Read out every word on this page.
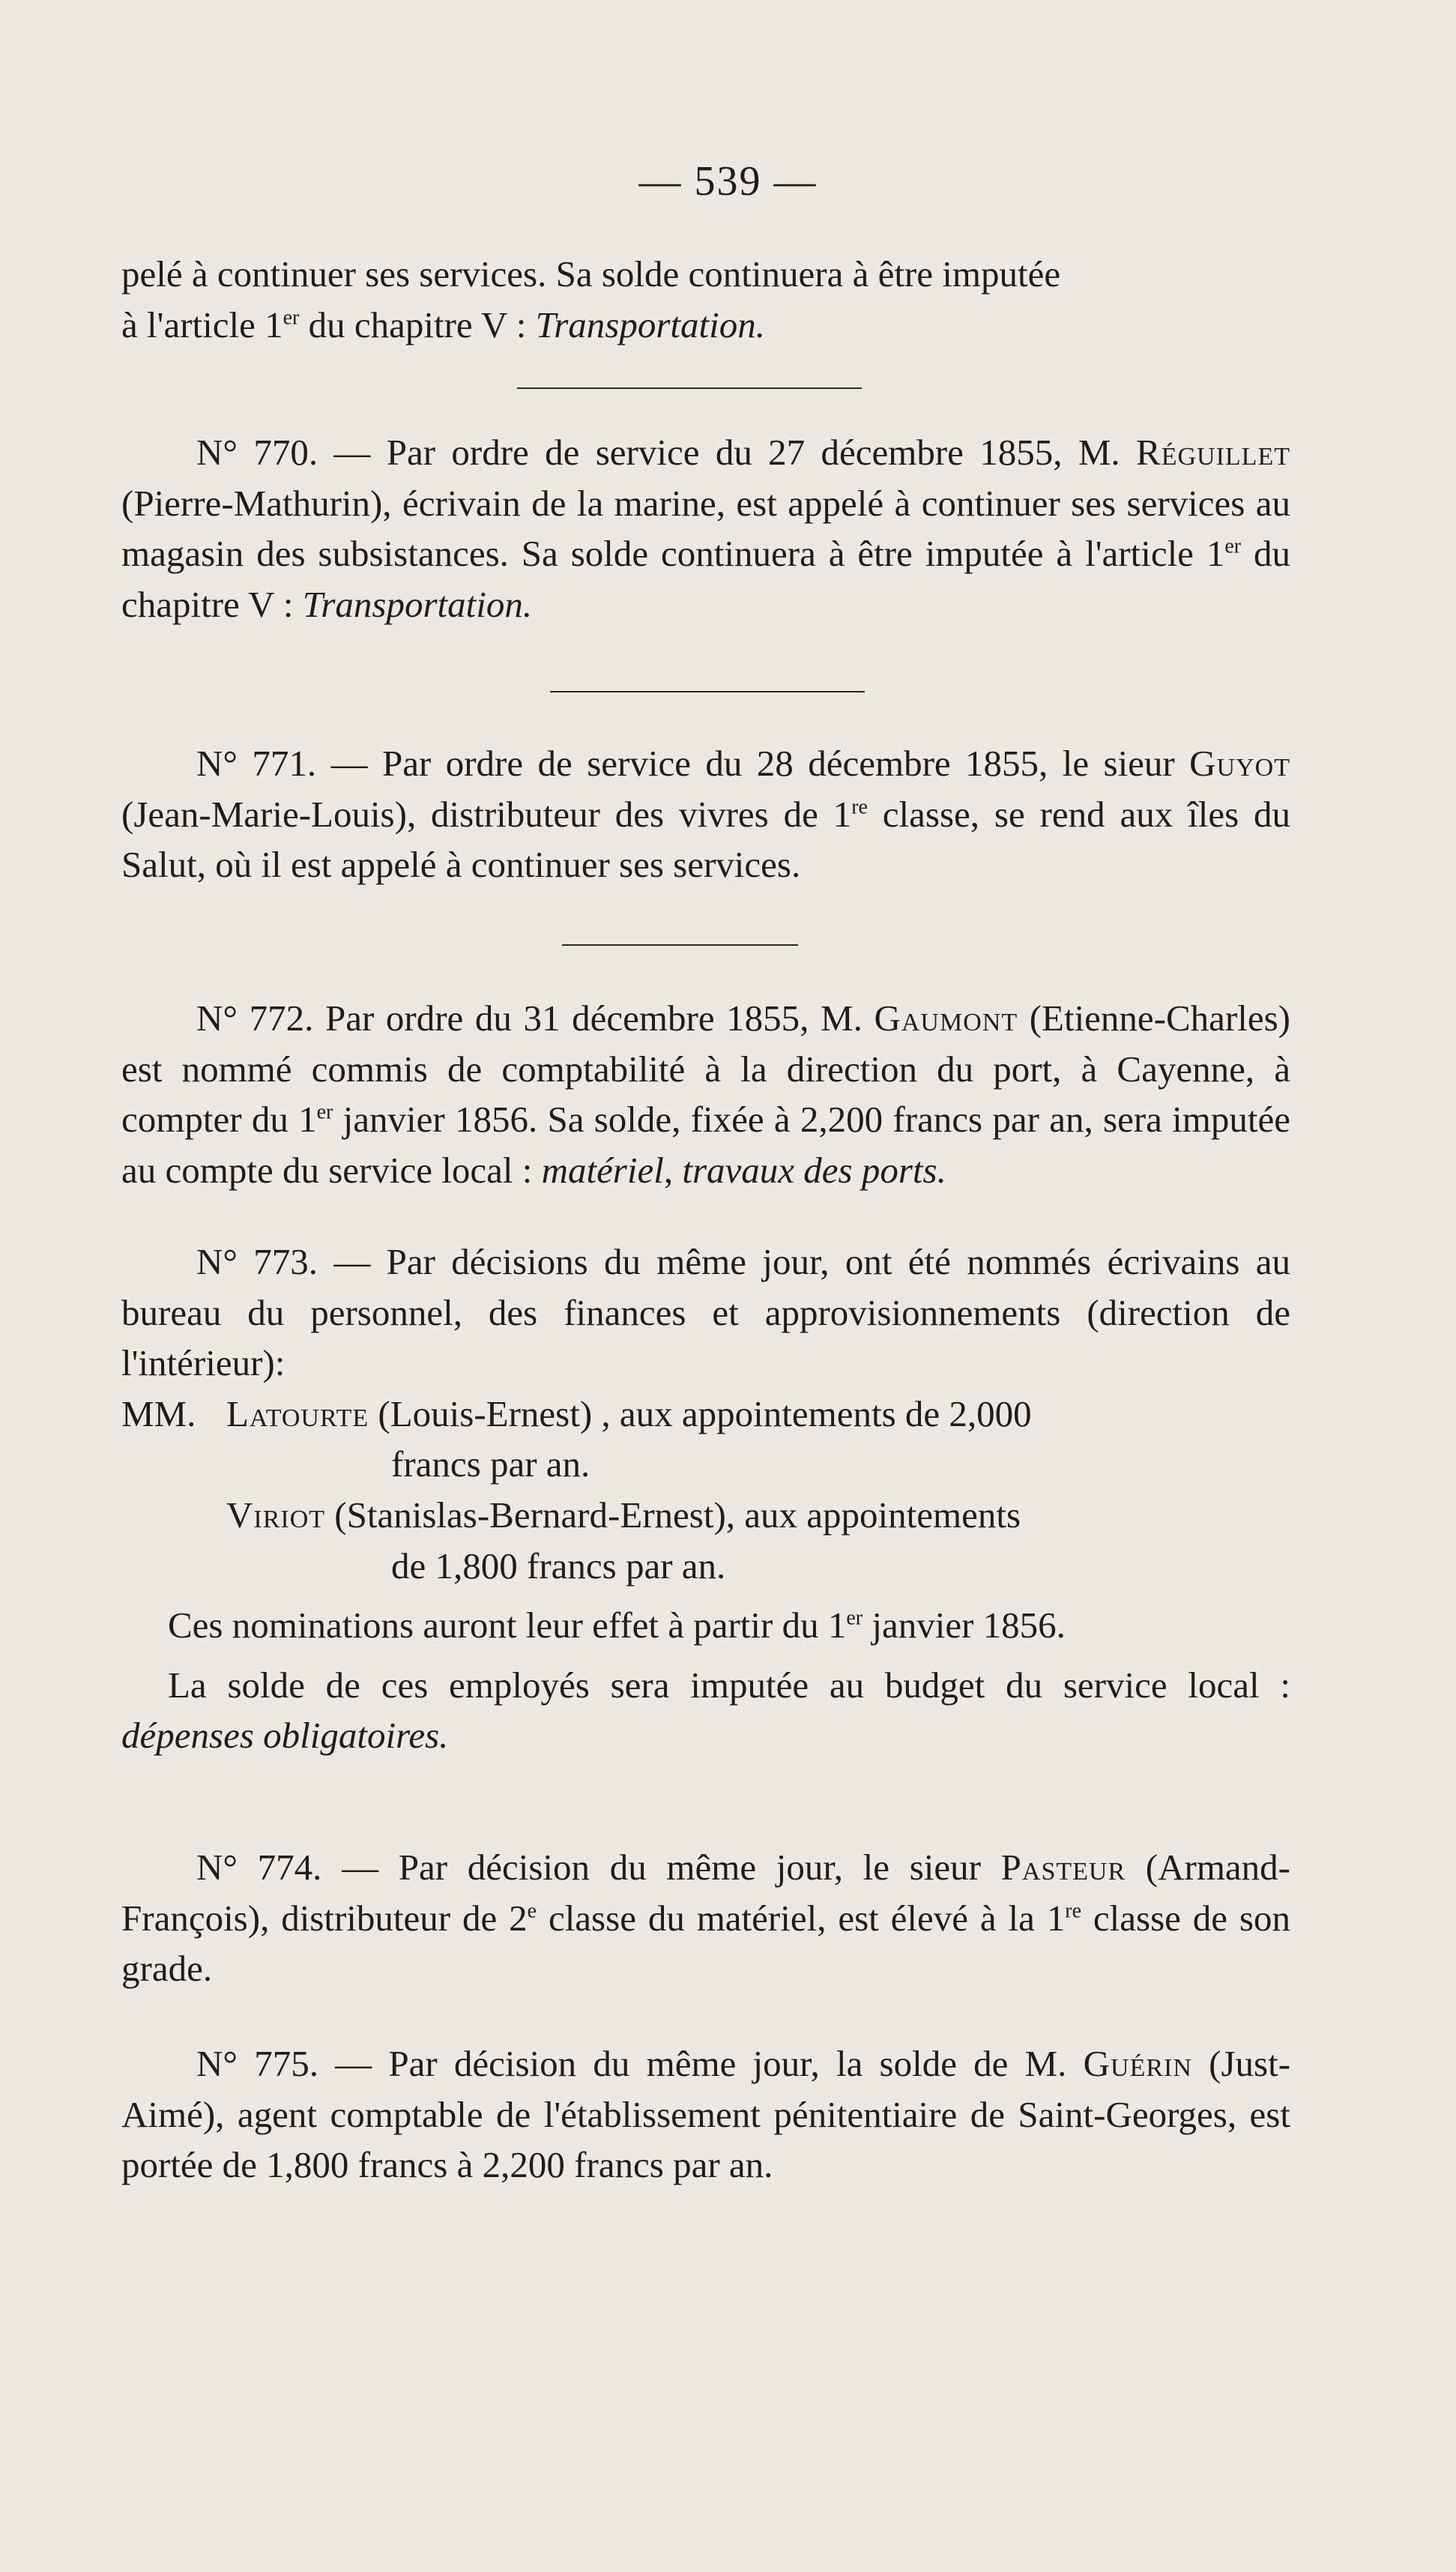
— 539 —

pelé à continuer ses services. Sa solde continuera à être imputée
à l'article 1er du chapitre V : Transportation.

N° 770. — Par ordre de service du 27 décembre 1855, M. Réguillet (Pierre-Mathurin), écrivain de la marine, est appelé à continuer ses services au magasin des subsistances. Sa solde continuera à être imputée à l'article 1er du chapitre V : Transportation.

N° 771. — Par ordre de service du 28 décembre 1855, le sieur Guyot (Jean-Marie-Louis), distributeur des vivres de 1re classe, se rend aux îles du Salut, où il est appelé à continuer ses services.

N° 772. Par ordre du 31 décembre 1855, M. Gaumont (Etienne-Charles) est nommé commis de comptabilité à la direction du port, à Cayenne, à compter du 1er janvier 1856. Sa solde, fixée à 2,200 francs par an, sera imputée au compte du service local : matériel, travaux des ports.

N° 773. — Par décisions du même jour, ont été nommés écrivains au bureau du personnel, des finances et approvisionnements (direction de l'intérieur):

MM. Latourte (Louis-Ernest) , aux appointements de 2,000
francs par an.
Viriot (Stanislas-Bernard-Ernest), aux appointements
de 1,800 francs par an.

Ces nominations auront leur effet à partir du 1er janvier 1856.

La solde de ces employés sera imputée au budget du service local : dépenses obligatoires.

N° 774. — Par décision du même jour, le sieur Pasteur (Armand-François), distributeur de 2e classe du matériel, est élevé à la 1re classe de son grade.

N° 775. — Par décision du même jour, la solde de M. Guérin (Just-Aimé), agent comptable de l'établissement pénitentiaire de Saint-Georges, est portée de 1,800 francs à 2,200 francs par an.
